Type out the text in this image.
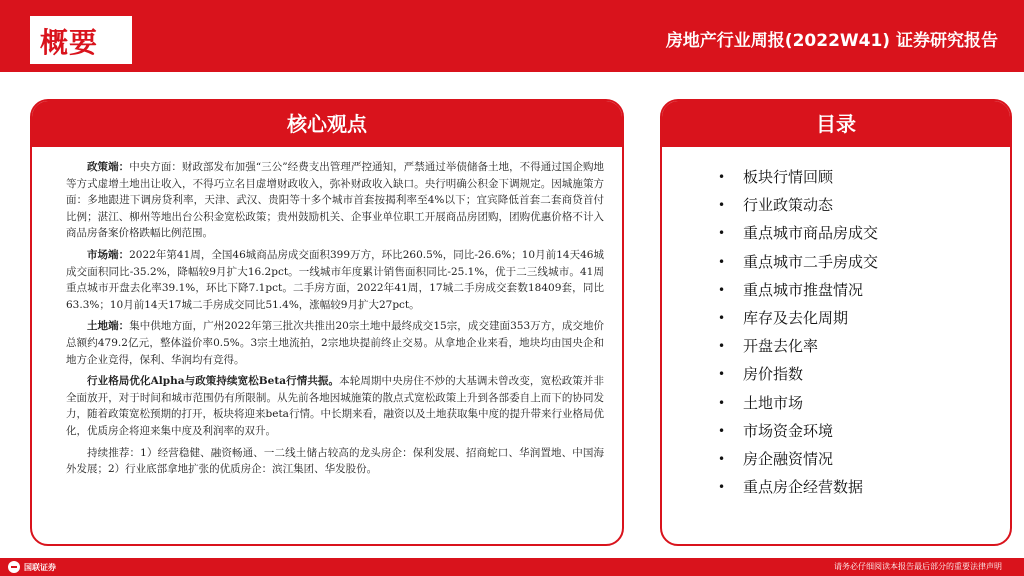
概要	房地产行业周报(2022W41) 证券研究报告
核心观点

政策端：中央方面：财政部发布加强“三公”经费支出管理严控通知，严禁通过举债储备土地，不得通过国企购地等方式虚增土地出让收入，不得巧立名目虚增财政收入，弥补财政收入缺口。央行明确公积金下调规定。因城施策方面：多地跟进下调房贷利率，天津、武汉、贵阳等十多个城市首套按揭利率至4%以下；宜宾降低首套二套商贷首付比例；湛江、柳州等地出台公积金宽松政策；贵州鼓励机关、企事业单位职工开展商品房团购，团购优惠价格不计入商品房备案价格跌幅比例范围。

市场端：2022年第41周，全国46城商品房成交面积399万方，环比260.5%，同比-26.6%；10月前14天46城成交面积同比-35.2%，降幅较9月扩大16.2pct。一线城市年度累计销售面积同比-25.1%，优于二三线城市。41周重点城市开盘去化率39.1%，环比下降7.1pct。二手房方面，2022年41周，17城二手房成交套数18409套，同比63.3%；10月前14天17城二手房成交同比51.4%，涨幅较9月扩大27pct。

土地端：集中供地方面，广州2022年第三批次共推出20宗土地中最终成交15宗，成交建面353万方，成交地价总额约479.2亿元，整体溢价率0.5%。3宗土地流拍，2宗地块提前终止交易。从拿地企业来看，地块均由国央企和地方企业竞得，保利、华润均有竞得。

行业格局优化Alpha与政策持续宽松Beta行情共振。本轮周期中央房住不炒的大基调未曾改变，宽松政策并非全面放开，对于时间和城市范围仍有所限制。从先前各地因城施策的散点式宽松政策上升到各部委自上而下的协同发力，随着政策宽松预期的打开，板块将迎来beta行情。中长期来看，融资以及土地获取集中度的提升带来行业格局优化，优质房企将迎来集中度及利润率的双升。

持续推荐：1）经营稳健、融资畅通、一二线土储占较高的龙头房企：保利发展、招商蛇口、华润置地、中国海外发展；2）行业底部拿地扩张的优质房企：滨江集团、华发股份。

目录
• 板块行情回顾
• 行业政策动态
• 重点城市商品房成交
• 重点城市二手房成交
• 重点城市推盘情况
• 库存及去化周期
• 开盘去化率
• 房价指数
• 土地市场
• 市场资金环境
• 房企融资情况
• 重点房企经营数据
国联证券	请务必仔细阅读本报告最后部分的重要法律声明
